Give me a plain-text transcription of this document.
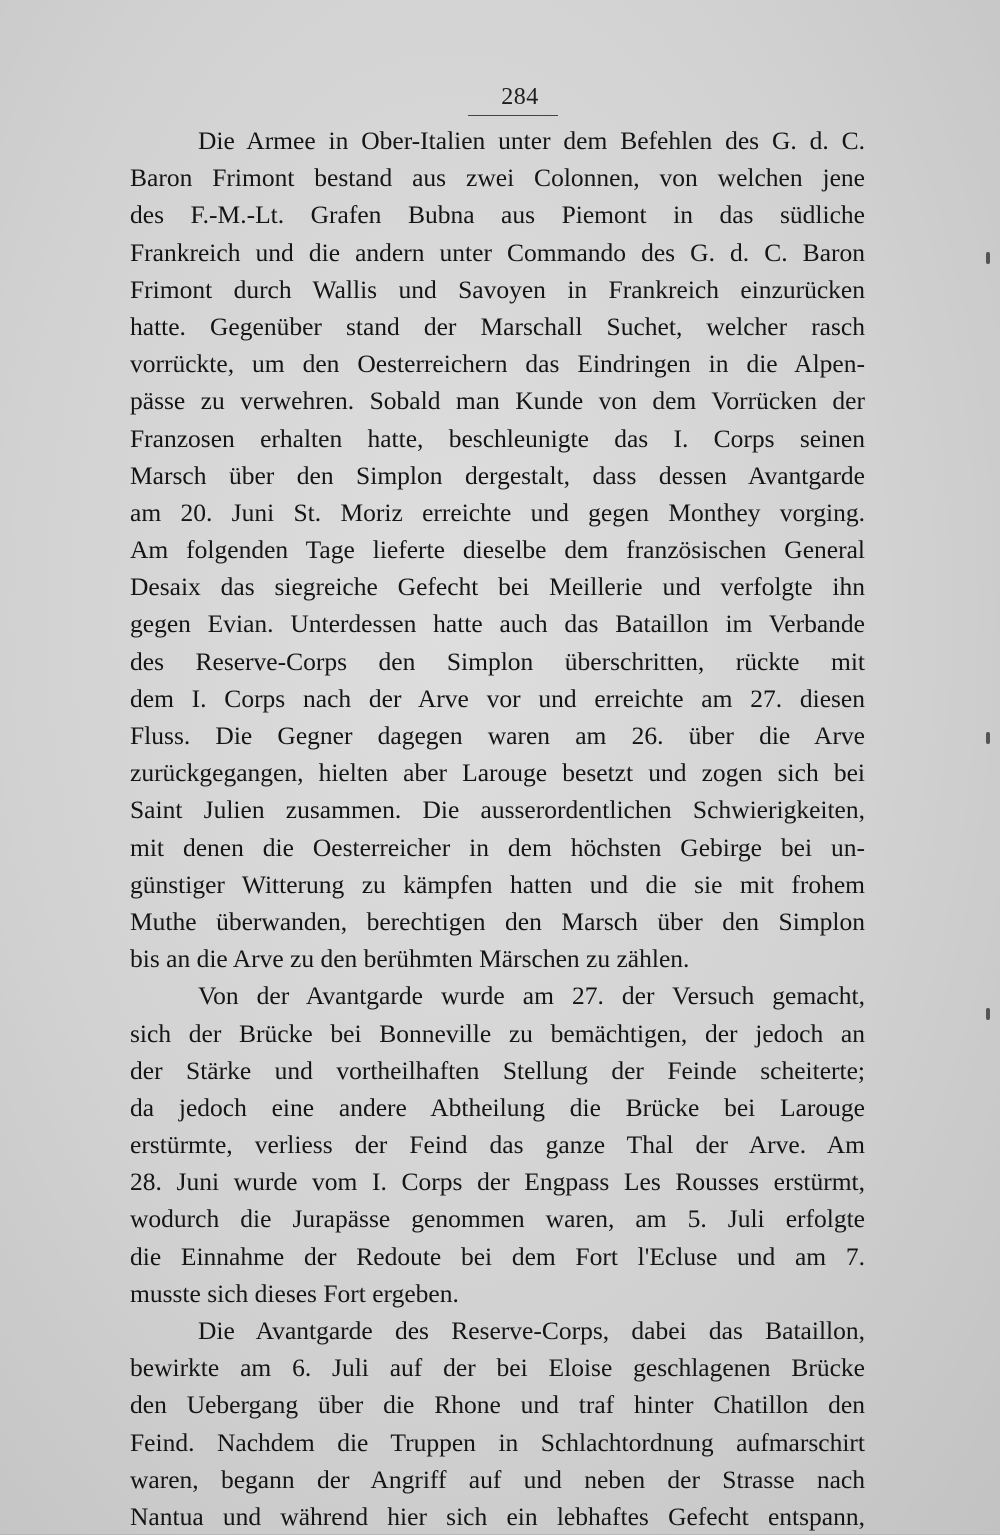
284
Die Armee in Ober-Italien unter dem Befehlen des G. d. C.
Baron Frimont bestand aus zwei Colonnen, von welchen jene
des F.-M.-Lt. Grafen Bubna aus Piemont in das südliche
Frankreich und die andern unter Commando des G. d. C. Baron
Frimont durch Wallis und Savoyen in Frankreich einzurücken
hatte. Gegenüber stand der Marschall Suchet, welcher rasch
vorrückte, um den Oesterreichern das Eindringen in die Alpen-
pässe zu verwehren. Sobald man Kunde von dem Vorrücken der
Franzosen erhalten hatte, beschleunigte das I. Corps seinen
Marsch über den Simplon dergestalt, dass dessen Avantgarde
am 20. Juni St. Moriz erreichte und gegen Monthey vorging.
Am folgenden Tage lieferte dieselbe dem französischen General
Desaix das siegreiche Gefecht bei Meillerie und verfolgte ihn
gegen Evian. Unterdessen hatte auch das Bataillon im Verbande
des Reserve-Corps den Simplon überschritten, rückte mit
dem I. Corps nach der Arve vor und erreichte am 27. diesen
Fluss. Die Gegner dagegen waren am 26. über die Arve
zurückgegangen, hielten aber Larouge besetzt und zogen sich bei
Saint Julien zusammen. Die ausserordentlichen Schwierigkeiten,
mit denen die Oesterreicher in dem höchsten Gebirge bei un-
günstiger Witterung zu kämpfen hatten und die sie mit frohem
Muthe überwanden, berechtigen den Marsch über den Simplon
bis an die Arve zu den berühmten Märschen zu zählen.
Von der Avantgarde wurde am 27. der Versuch gemacht,
sich der Brücke bei Bonneville zu bemächtigen, der jedoch an
der Stärke und vortheilhaften Stellung der Feinde scheiterte;
da jedoch eine andere Abtheilung die Brücke bei Larouge
erstürmte, verliess der Feind das ganze Thal der Arve. Am
28. Juni wurde vom I. Corps der Engpass Les Rousses erstürmt,
wodurch die Jurapässe genommen waren, am 5. Juli erfolgte
die Einnahme der Redoute bei dem Fort l'Ecluse und am 7.
musste sich dieses Fort ergeben.
Die Avantgarde des Reserve-Corps, dabei das Bataillon,
bewirkte am 6. Juli auf der bei Eloise geschlagenen Brücke
den Uebergang über die Rhone und traf hinter Chatillon den
Feind. Nachdem die Truppen in Schlachtordnung aufmarschirt
waren, begann der Angriff auf und neben der Strasse nach
Nantua und während hier sich ein lebhaftes Gefecht entspann,
